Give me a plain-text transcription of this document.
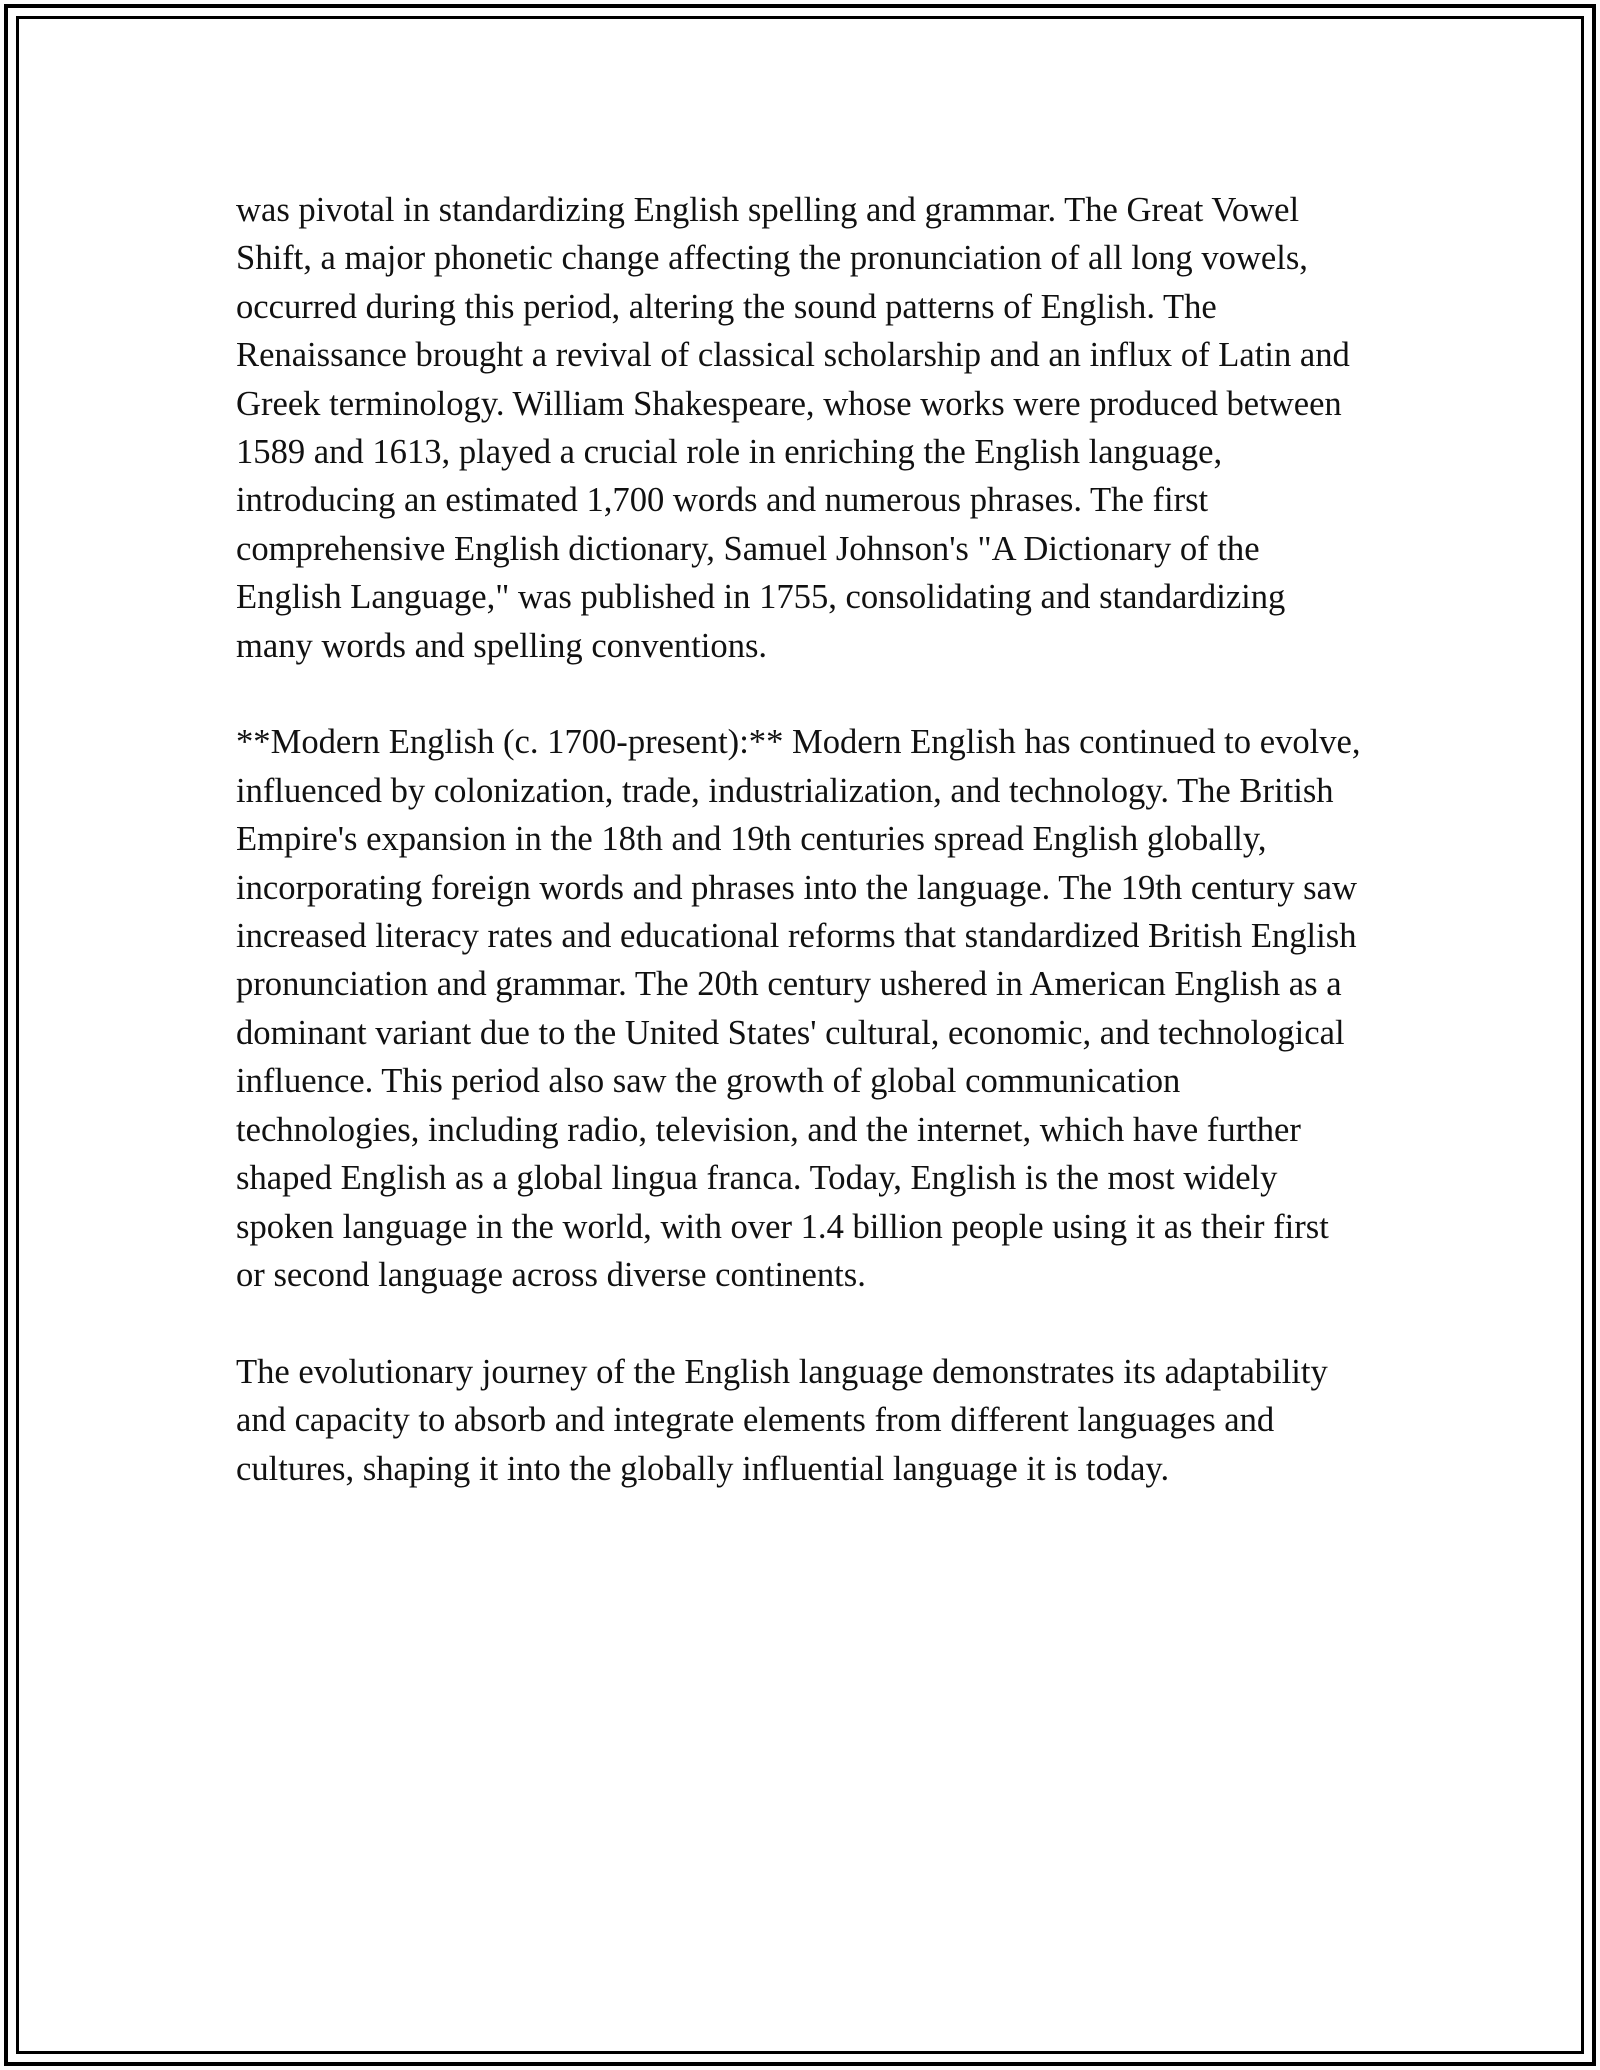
was pivotal in standardizing English spelling and grammar. The Great Vowel Shift, a major phonetic change affecting the pronunciation of all long vowels, occurred during this period, altering the sound patterns of English. The Renaissance brought a revival of classical scholarship and an influx of Latin and Greek terminology. William Shakespeare, whose works were produced between 1589 and 1613, played a crucial role in enriching the English language, introducing an estimated 1,700 words and numerous phrases. The first comprehensive English dictionary, Samuel Johnson's "A Dictionary of the English Language," was published in 1755, consolidating and standardizing many words and spelling conventions.

**Modern English (c. 1700-present):** Modern English has continued to evolve, influenced by colonization, trade, industrialization, and technology. The British Empire's expansion in the 18th and 19th centuries spread English globally, incorporating foreign words and phrases into the language. The 19th century saw increased literacy rates and educational reforms that standardized British English pronunciation and grammar. The 20th century ushered in American English as a dominant variant due to the United States' cultural, economic, and technological influence. This period also saw the growth of global communication technologies, including radio, television, and the internet, which have further shaped English as a global lingua franca. Today, English is the most widely spoken language in the world, with over 1.4 billion people using it as their first or second language across diverse continents.

The evolutionary journey of the English language demonstrates its adaptability and capacity to absorb and integrate elements from different languages and cultures, shaping it into the globally influential language it is today.
